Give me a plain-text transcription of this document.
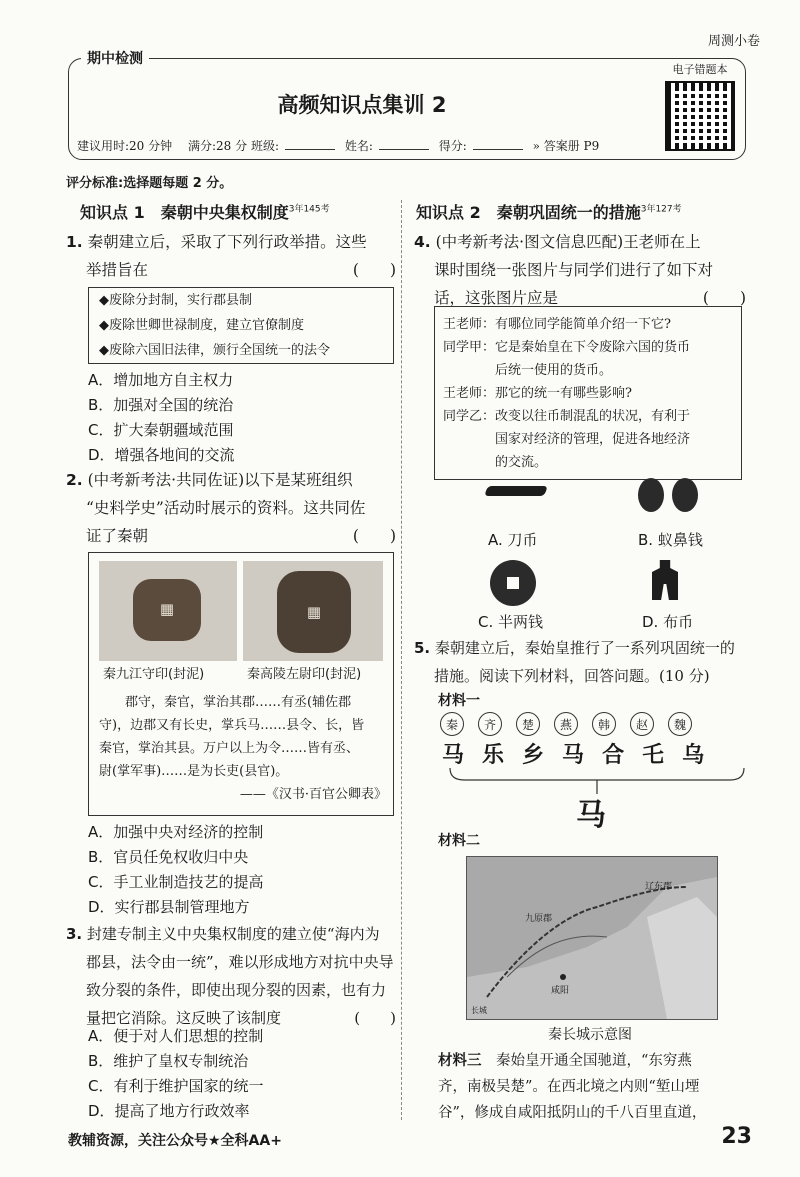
周测小卷
期中检测
高频知识点集训 2
建议用时:20 分钟　 满分:28 分 班级:	姓名:	得分:	» 答案册 P9
电子错题本
评分标准:选择题每题 2 分。
知识点 1　秦朝中央集权制度$^{3年145考}$
1. 秦朝建立后，采取了下列行政举措。这些
举措旨在	(　　)
◆废除分封制，实行郡县制
◆废除世卿世禄制度，建立官僚制度
◆废除六国旧法律，颁行全国统一的法令
A．增加地方自主权力
B．加强对全国的统治
C．扩大秦朝疆域范围
D．增强各地间的交流
2. (中考新考法·共同佐证)以下是某班组织
“史料学史”活动时展示的资料。这共同佐
证了秦朝	(　　)
▦	▦
秦九江守印(封泥)	秦高陵左尉印(封泥)
郡守，秦官，掌治其郡……有丞(辅佐郡
守)，边郡又有长史，掌兵马……县令、长，皆
秦官，掌治其县。万户以上为令……皆有丞、
尉(掌军事)……是为长吏(县官)。
——《汉书·百官公卿表》
A．加强中央对经济的控制
B．官员任免权收归中央
C．手工业制造技艺的提高
D．实行郡县制管理地方
3. 封建专制主义中央集权制度的建立使“海内为
郡县，法令由一统”，难以形成地方对抗中央导
致分裂的条件，即使出现分裂的因素，也有力
量把它消除。这反映了该制度	(　　)
A．便于对人们思想的控制
B．维护了皇权专制统治
C．有利于维护国家的统一
D．提高了地方行政效率
知识点 2　秦朝巩固统一的措施$^{3年127考}$
4. (中考新考法·图文信息匹配)王老师在上
课时围绕一张图片与同学们进行了如下对
话，这张图片应是	(　　)
王老师：有哪位同学能简单介绍一下它?
同学甲：它是秦始皇在下令废除六国的货币
　　　　后统一使用的货币。
王老师：那它的统一有哪些影响?
同学乙：改变以往币制混乱的状况，有利于
　　　　国家对经济的管理，促进各地经济
　　　　的交流。
A. 刀币	B. 蚁鼻钱
C. 半两钱	D. 布币
5. 秦朝建立后，秦始皇推行了一系列巩固统一的
措施。阅读下列材料，回答问题。(10 分)
材料一
秦 齐 楚 燕 韩 赵 魏
马乐乡马合乇乌
马
材料二
辽东郡
九原郡
咸阳
长城
秦长城示意图
材料三　 秦始皇开通全国驰道，“东穷燕
齐，南极吴楚”。在西北境之内则“堑山堙
谷”，修成自咸阳抵阴山的千八百里直道，
教辅资源，关注公众号★全科AA+	23
